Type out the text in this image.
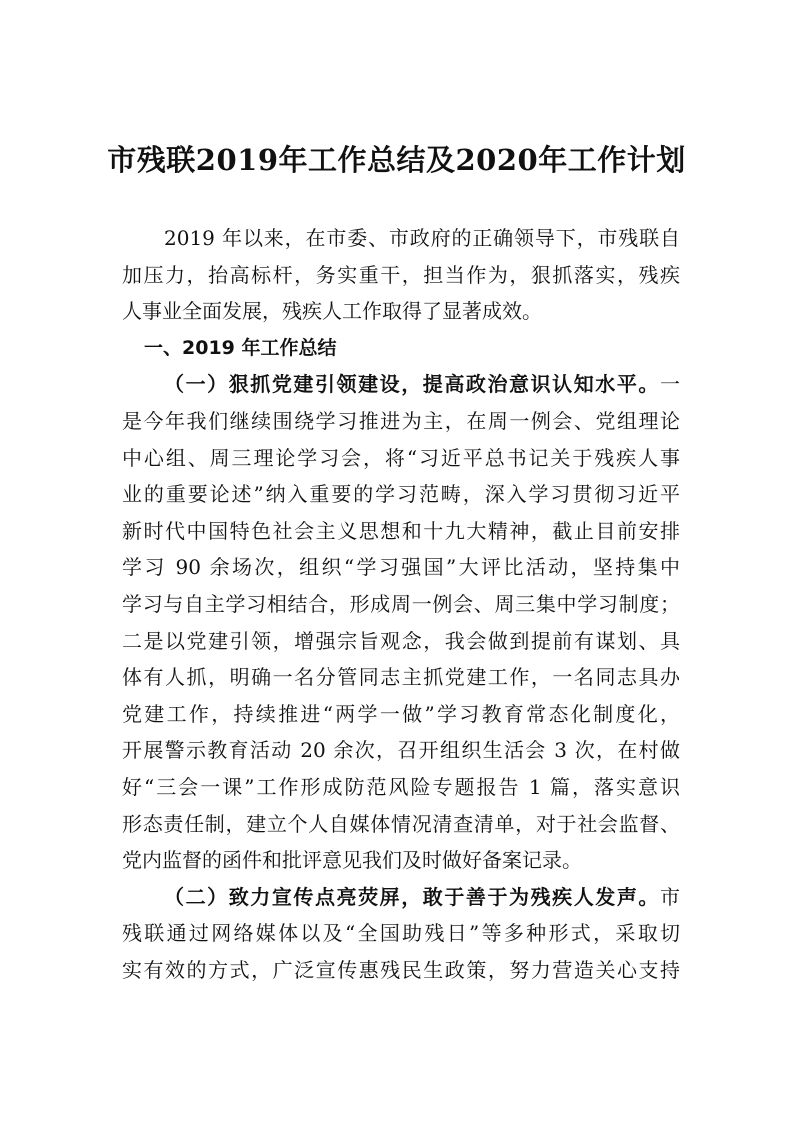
市残联2019年工作总结及2020年工作计划
2019 年以来，在市委、市政府的正确领导下，市残联自
加压力，抬高标杆，务实重干，担当作为，狠抓落实，残疾
人事业全面发展，残疾人工作取得了显著成效。
一、2019 年工作总结
（一）狠抓党建引领建设，提高政治意识认知水平。一
是今年我们继续围绕学习推进为主，在周一例会、党组理论
中心组、周三理论学习会，将“习近平总书记关于残疾人事
业的重要论述”纳入重要的学习范畴，深入学习贯彻习近平
新时代中国特色社会主义思想和十九大精神，截止目前安排
学习 90 余场次，组织“学习强国”大评比活动，坚持集中
学习与自主学习相结合，形成周一例会、周三集中学习制度；
二是以党建引领，增强宗旨观念，我会做到提前有谋划、具
体有人抓，明确一名分管同志主抓党建工作，一名同志具办
党建工作，持续推进“两学一做”学习教育常态化制度化，
开展警示教育活动 20 余次，召开组织生活会 3 次，在村做
好“三会一课”工作形成防范风险专题报告 1 篇，落实意识
形态责任制，建立个人自媒体情况清查清单，对于社会监督、
党内监督的函件和批评意见我们及时做好备案记录。
（二）致力宣传点亮荧屏，敢于善于为残疾人发声。市
残联通过网络媒体以及“全国助残日”等多种形式，采取切
实有效的方式，广泛宣传惠残民生政策，努力营造关心支持
